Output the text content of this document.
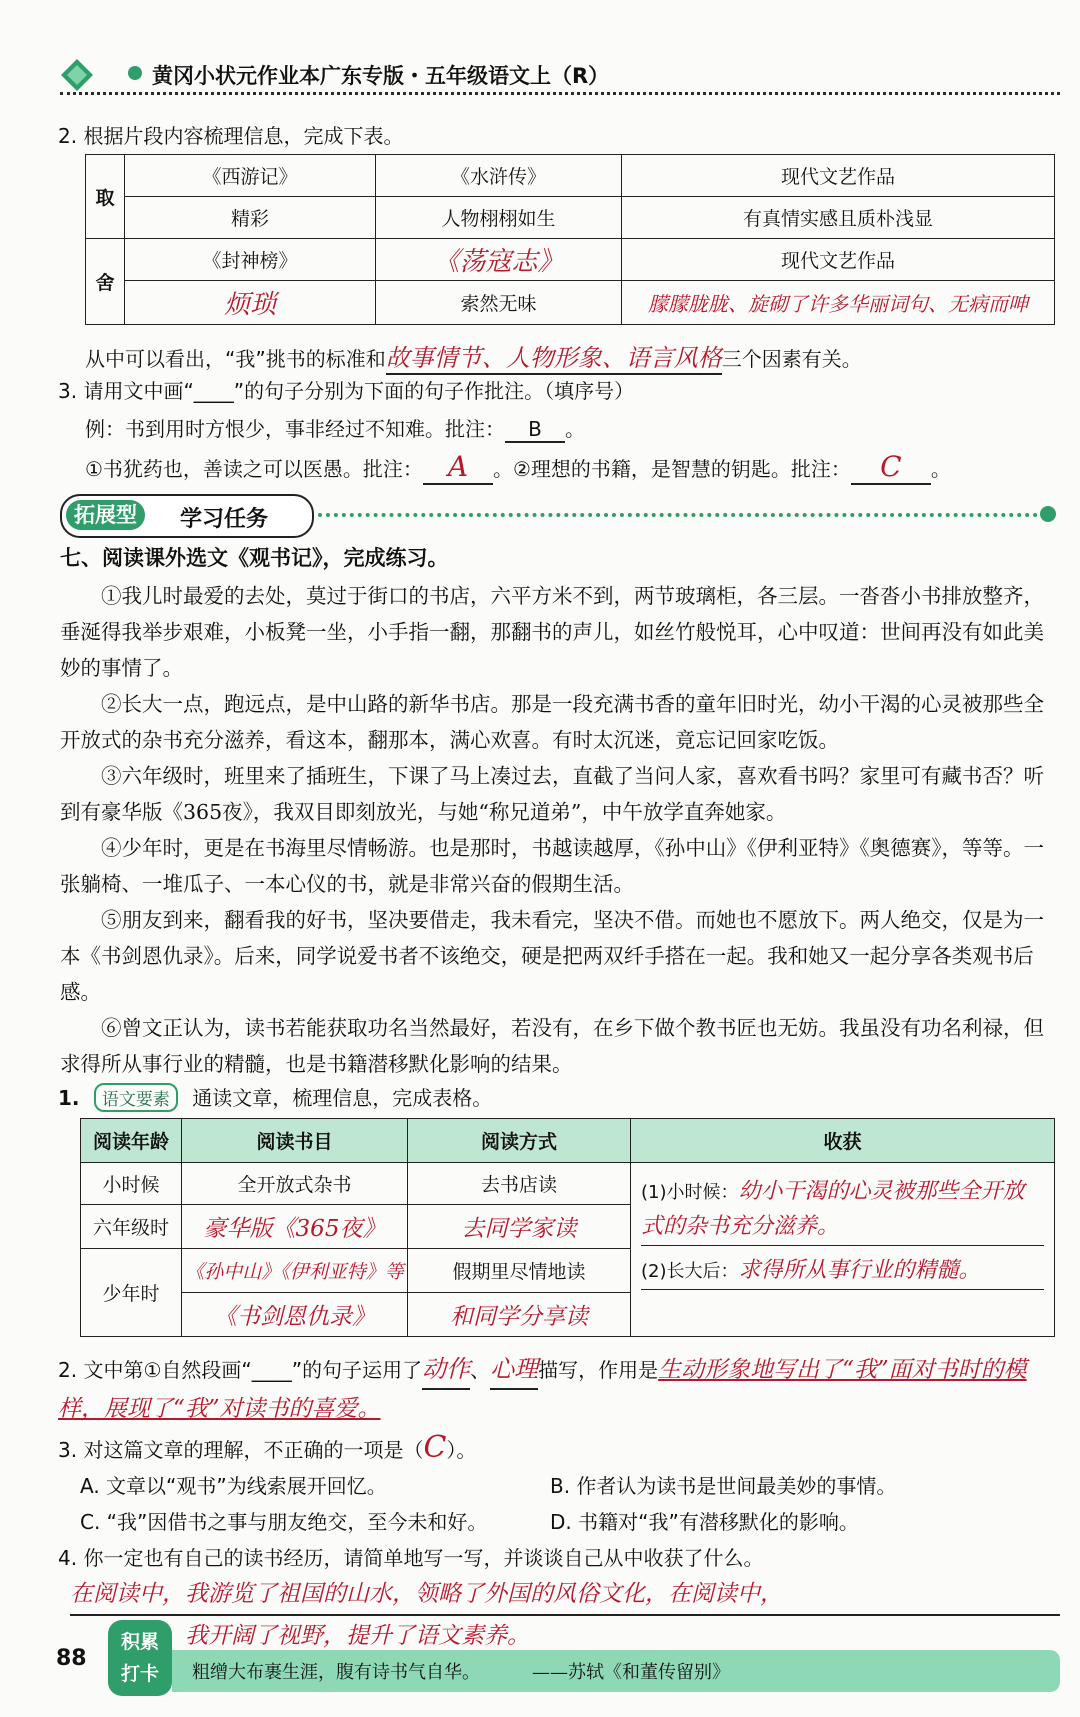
黄冈小状元作业本广东专版・五年级语文上（R）
2. 根据片段内容梳理信息，完成下表。
取	《西游记》	《水浒传》	现代文艺作品
	精彩	人物栩栩如生	有真情实感且质朴浅显
舍	《封神榜》	《荡寇志》	现代文艺作品
	烦琐	索然无味	朦朦胧胧、旋砌了许多华丽词句、无病而呻
从中可以看出，“我”挑书的标准和故事情节、人物形象、语言风格三个因素有关。
3. 请用文中画“____”的句子分别为下面的句子作批注。（填序号）
例：书到用时方恨少，事非经过不知难。批注： B 。
①书犹药也，善读之可以医愚。批注： A 。②理想的书籍，是智慧的钥匙。批注： C 。
拓展型	学习任务
七、阅读课外选文《观书记》，完成练习。
①我儿时最爱的去处，莫过于街口的书店，六平方米不到，两节玻璃柜，各三层。一沓沓小书排放整齐，垂涎得我举步艰难，小板凳一坐，小手指一翻，那翻书的声儿，如丝竹般悦耳，心中叹道：世间再没有如此美妙的事情了。
②长大一点，跑远点，是中山路的新华书店。那是一段充满书香的童年旧时光，幼小干渴的心灵被那些全开放式的杂书充分滋养，看这本，翻那本，满心欢喜。有时太沉迷，竟忘记回家吃饭。
③六年级时，班里来了插班生，下课了马上凑过去，直截了当问人家，喜欢看书吗？家里可有藏书否？听到有豪华版《365夜》，我双目即刻放光，与她“称兄道弟”，中午放学直奔她家。
④少年时，更是在书海里尽情畅游。也是那时，书越读越厚，《孙中山》《伊利亚特》《奥德赛》，等等。一张躺椅、一堆瓜子、一本心仪的书，就是非常兴奋的假期生活。
⑤朋友到来，翻看我的好书，坚决要借走，我未看完，坚决不借。而她也不愿放下。两人绝交，仅是为一本《书剑恩仇录》。后来，同学说爱书者不该绝交，硬是把两双纤手搭在一起。我和她又一起分享各类观书后感。
⑥曾文正认为，读书若能获取功名当然最好，若没有，在乡下做个教书匠也无妨。我虽没有功名利禄，但求得所从事行业的精髓，也是书籍潜移默化影响的结果。
1. 语文要素 通读文章，梳理信息，完成表格。
阅读年龄	阅读书目	阅读方式	收获
小时候	全开放式杂书	去书店读	(1)小时候：幼小干渴的心灵被那些全开放式的杂书充分滋养。
(2)长大后：求得所从事行业的精髓。

六年级时	豪华版《365夜》	去同学家读	
少年时	《孙中山》《伊利亚特》等	假期里尽情地读	
	《书剑恩仇录》	和同学分享读	
2. 文中第①自然段画“____”的句子运用了动作、心理描写，作用是生动形象地写出了“我”面对书时的模样，展现了“我”对读书的喜爱。
3. 对这篇文章的理解，不正确的一项是（C）。
A. 文章以“观书”为线索展开回忆。	B. 作者认为读书是世间最美妙的事情。
C. “我”因借书之事与朋友绝交，至今未和好。	D. 书籍对“我”有潜移默化的影响。
4. 你一定也有自己的读书经历，请简单地写一写，并谈谈自己从中收获了什么。
在阅读中，我游览了祖国的山水，领略了外国的风俗文化，在阅读中，
我开阔了视野，提升了语文素养。
88
积累
打卡	粗缯大布裹生涯，腹有诗书气自华。	——苏轼《和董传留别》
